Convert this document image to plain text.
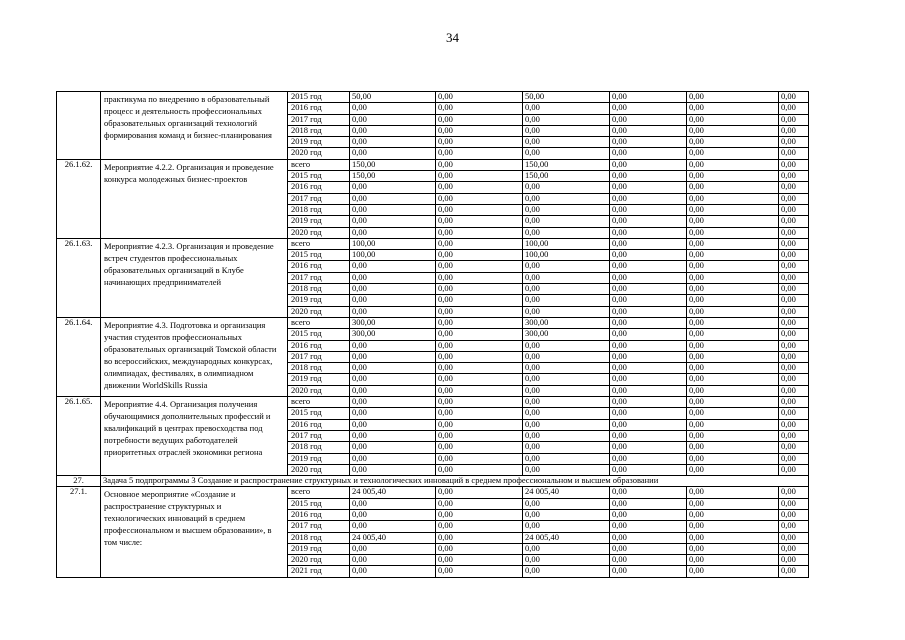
34
	практикума по внедрению в образовательный процесс и деятельность профессиональных образовательных организаций технологий формирования команд и бизнес-планирования	2015 год	50,00	0,00	50,00	0,00	0,00	0,00	
		2016 год	0,00	0,00	0,00	0,00	0,00	0,00	
		2017 год	0,00	0,00	0,00	0,00	0,00	0,00	
		2018 год	0,00	0,00	0,00	0,00	0,00	0,00	
		2019 год	0,00	0,00	0,00	0,00	0,00	0,00	
		2020 год	0,00	0,00	0,00	0,00	0,00	0,00	
26.1.62.	Мероприятие 4.2.2. Организация и проведение конкурса молодежных бизнес-проектов	всего	150,00	0,00	150,00	0,00	0,00	0,00	
		2015 год	150,00	0,00	150,00	0,00	0,00	0,00	
		2016 год	0,00	0,00	0,00	0,00	0,00	0,00	
		2017 год	0,00	0,00	0,00	0,00	0,00	0,00	
		2018 год	0,00	0,00	0,00	0,00	0,00	0,00	
		2019 год	0,00	0,00	0,00	0,00	0,00	0,00	
		2020 год	0,00	0,00	0,00	0,00	0,00	0,00	
26.1.63.	Мероприятие 4.2.3. Организация и проведение встреч студентов профессиональных образовательных организаций в Клубе начинающих предпринимателей	всего	100,00	0,00	100,00	0,00	0,00	0,00	
		2015 год	100,00	0,00	100,00	0,00	0,00	0,00	
		2016 год	0,00	0,00	0,00	0,00	0,00	0,00	
		2017 год	0,00	0,00	0,00	0,00	0,00	0,00	
		2018 год	0,00	0,00	0,00	0,00	0,00	0,00	
		2019 год	0,00	0,00	0,00	0,00	0,00	0,00	
		2020 год	0,00	0,00	0,00	0,00	0,00	0,00	
26.1.64.	Мероприятие 4.3. Подготовка и организация участия студентов профессиональных образовательных организаций Томской области во всероссийских, международных конкурсах, олимпиадах, фестивалях, в олимпиадном движении WorldSkills Russia	всего	300,00	0,00	300,00	0,00	0,00	0,00	
		2015 год	300,00	0,00	300,00	0,00	0,00	0,00	
		2016 год	0,00	0,00	0,00	0,00	0,00	0,00	
		2017 год	0,00	0,00	0,00	0,00	0,00	0,00	
		2018 год	0,00	0,00	0,00	0,00	0,00	0,00	
		2019 год	0,00	0,00	0,00	0,00	0,00	0,00	
		2020 год	0,00	0,00	0,00	0,00	0,00	0,00	
26.1.65.	Мероприятие 4.4. Организация получения обучающимися дополнительных профессий и квалификаций в центрах превосходства под потребности ведущих работодателей приоритетных отраслей экономики региона	всего	0,00	0,00	0,00	0,00	0,00	0,00	
		2015 год	0,00	0,00	0,00	0,00	0,00	0,00	
		2016 год	0,00	0,00	0,00	0,00	0,00	0,00	
		2017 год	0,00	0,00	0,00	0,00	0,00	0,00	
		2018 год	0,00	0,00	0,00	0,00	0,00	0,00	
		2019 год	0,00	0,00	0,00	0,00	0,00	0,00	
		2020 год	0,00	0,00	0,00	0,00	0,00	0,00	
27.	Задача 5 подпрограммы 3 Создание и распространение структурных и технологических инноваций в среднем профессиональном и высшем образовании								
27.1.	Основное мероприятие «Создание и распространение структурных и технологических инноваций в среднем профессиональном и высшем образовании», в том числе:	всего	24 005,40	0,00	24 005,40	0,00	0,00	0,00	
		2015 год	0,00	0,00	0,00	0,00	0,00	0,00	
		2016 год	0,00	0,00	0,00	0,00	0,00	0,00	
		2017 год	0,00	0,00	0,00	0,00	0,00	0,00	
		2018 год	24 005,40	0,00	24 005,40	0,00	0,00	0,00	
		2019 год	0,00	0,00	0,00	0,00	0,00	0,00	
		2020 год	0,00	0,00	0,00	0,00	0,00	0,00	
		2021 год	0,00	0,00	0,00	0,00	0,00	0,00	
